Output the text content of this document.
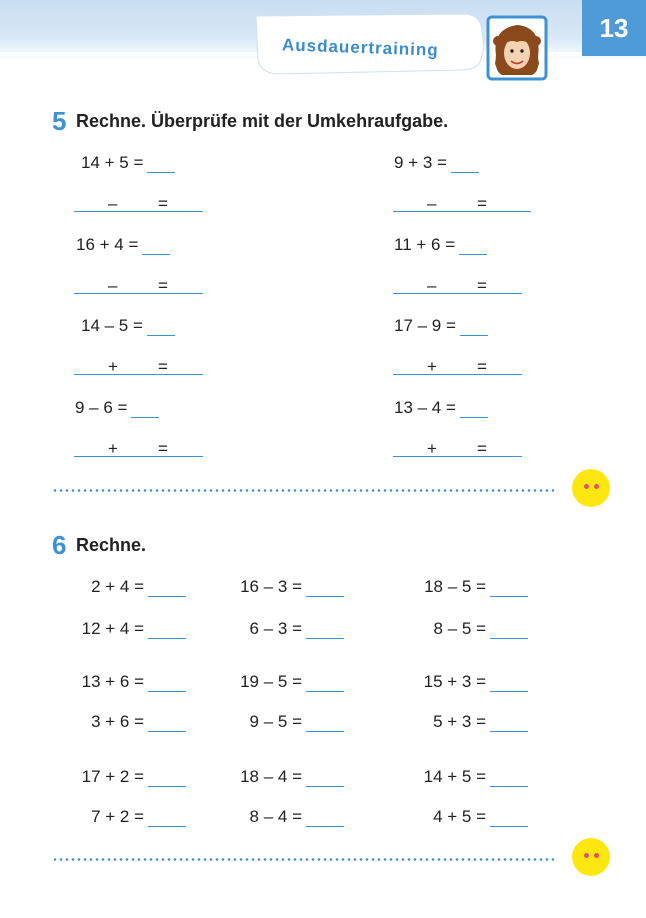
13
Ausdauertraining
5 Rechne. Überprüfe mit der Umkehraufgabe.
14 + 5 =
– =
16 + 4 =
– =
14 – 5 =
+ =
9 – 6 =
+ =
9 + 3 =
– =
11 + 6 =
– =
17 – 9 =
+ =
13 – 4 =
+ =
6 Rechne.
2 + 4 =
12 + 4 =
13 + 6 =
3 + 6 =
17 + 2 =
7 + 2 =
16 – 3 =
6 – 3 =
19 – 5 =
9 – 5 =
18 – 4 =
8 – 4 =
18 – 5 =
8 – 5 =
15 + 3 =
5 + 3 =
14 + 5 =
4 + 5 =
